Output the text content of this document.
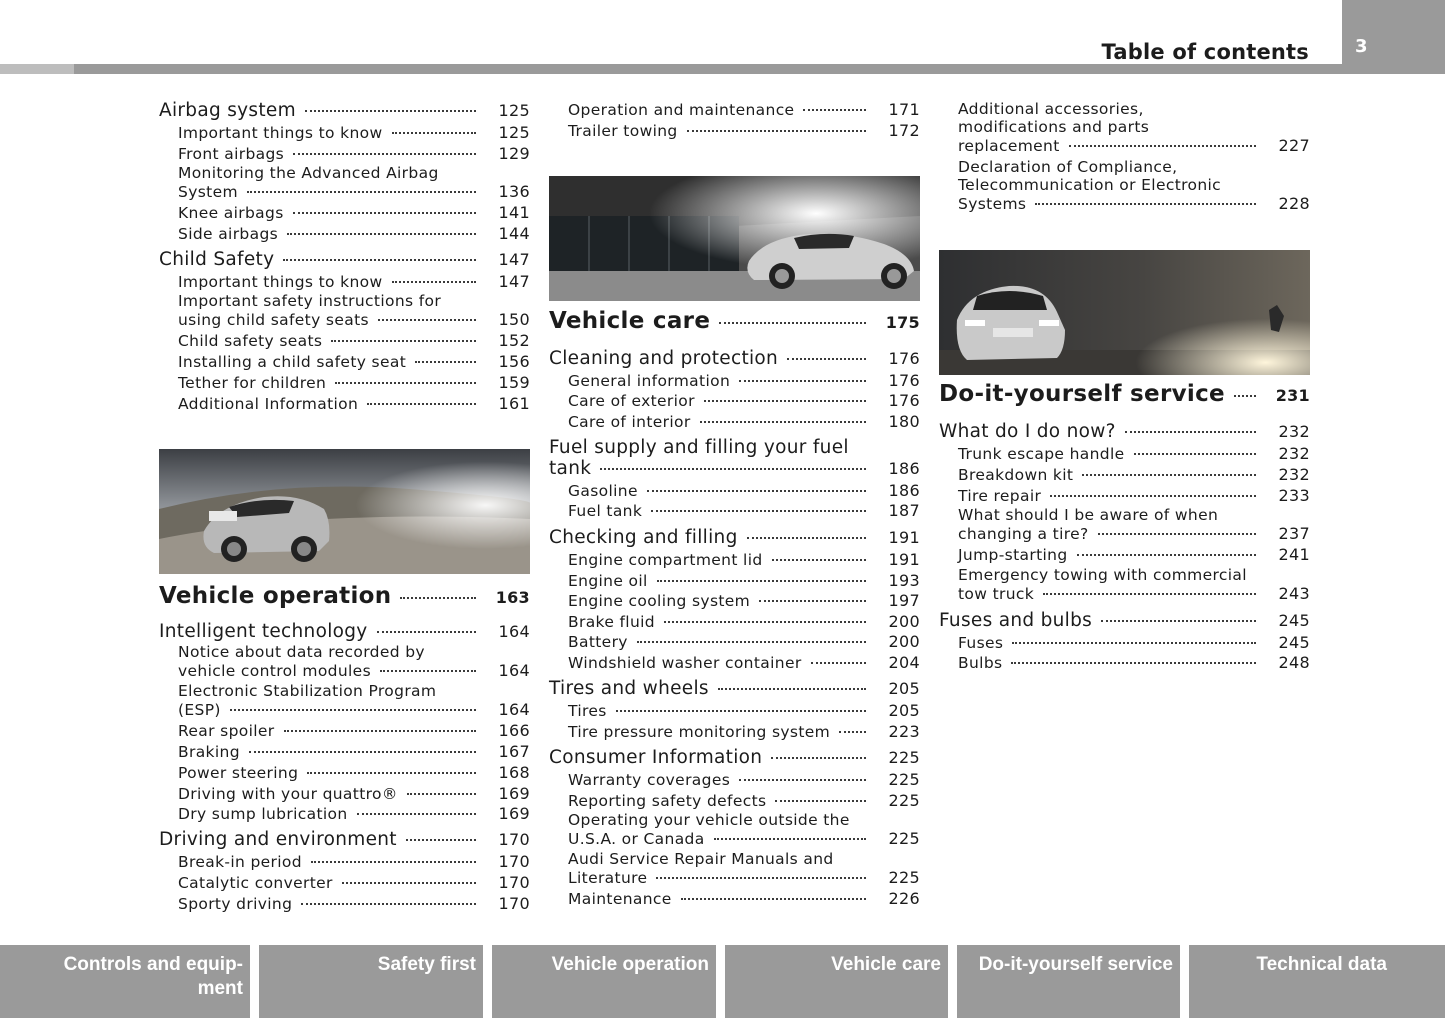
Table of contents	3
Airbag system	125
Important things to know	125
Front airbags	129
Monitoring the Advanced Airbag
System	136
Knee airbags	141
Side airbags	144
Child Safety	147
Important things to know	147
Important safety instructions for
using child safety seats	150
Child safety seats	152
Installing a child safety seat	156
Tether for children	159
Additional Information	161
Vehicle operation	163
Intelligent technology	164
Notice about data recorded by
vehicle control modules	164
Electronic Stabilization Program
(ESP)	164
Rear spoiler	166
Braking	167
Power steering	168
Driving with your quattro®	169
Dry sump lubrication	169
Driving and environment	170
Break-in period	170
Catalytic converter	170
Sporty driving	170
Operation and maintenance	171
Trailer towing	172
Vehicle care	175
Cleaning and protection	176
General information	176
Care of exterior	176
Care of interior	180
Fuel supply and filling your fuel
tank	186
Gasoline	186
Fuel tank	187
Checking and filling	191
Engine compartment lid	191
Engine oil	193
Engine cooling system	197
Brake fluid	200
Battery	200
Windshield washer container	204
Tires and wheels	205
Tires	205
Tire pressure monitoring system	223
Consumer Information	225
Warranty coverages	225
Reporting safety defects	225
Operating your vehicle outside the
U.S.A. or Canada	225
Audi Service Repair Manuals and
Literature	225
Maintenance	226
Additional accessories,
modifications and parts
replacement	227
Declaration of Compliance,
Telecommunication or Electronic
Systems	228
Do-it-yourself service	231
What do I do now?	232
Trunk escape handle	232
Breakdown kit	232
Tire repair	233
What should I be aware of when
changing a tire?	237
Jump-starting	241
Emergency towing with commercial
tow truck	243
Fuses and bulbs	245
Fuses	245
Bulbs	248
Controls and equip-
ment
Safety first	Vehicle operation	Vehicle care Do-it-yourself service	Technical data
